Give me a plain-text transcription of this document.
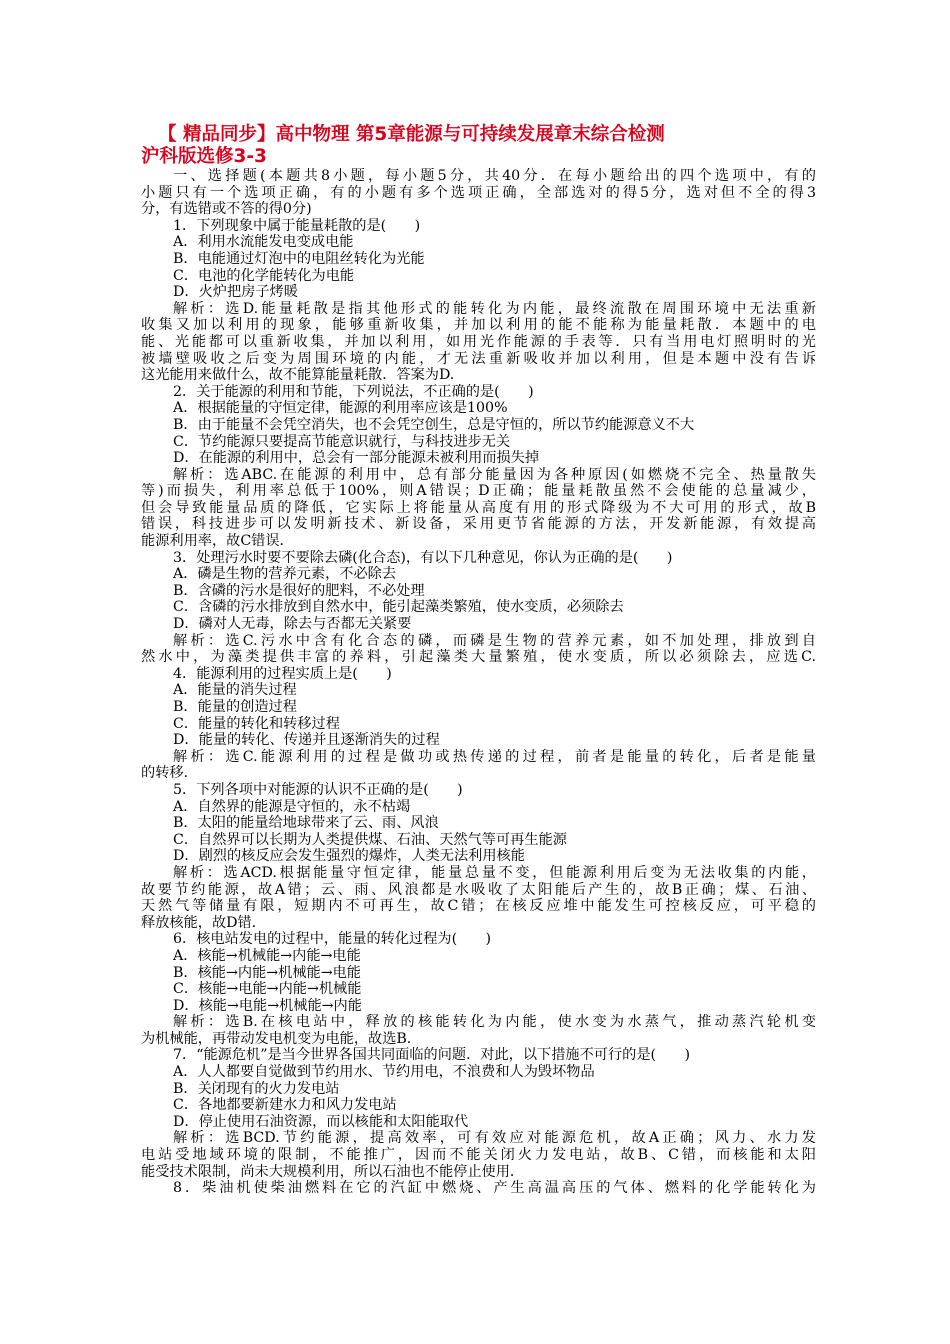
【 精品同步】高中物理 第5章能源与可持续发展章末综合检测
沪科版选修3-3
一、选择题(本题共8小题，每小题5分，共40分．在每小题给出的四个选项中，有的
小题只有一个选项正确，有的小题有多个选项正确，全部选对的得5分，选对但不全的得3
分，有选错或不答的得0分)
1．下列现象中属于能量耗散的是(　　)
A．利用水流能发电变成电能
B．电能通过灯泡中的电阻丝转化为光能
C．电池的化学能转化为电能
D．火炉把房子烤暖
解析：选D.能量耗散是指其他形式的能转化为内能，最终流散在周围环境中无法重新
收集又加以利用的现象，能够重新收集，并加以利用的能不能称为能量耗散．本题中的电
能、光能都可以重新收集，并加以利用，如用光作能源的手表等．只有当用电灯照明时的光
被墙壁吸收之后变为周围环境的内能，才无法重新吸收并加以利用，但是本题中没有告诉
这光能用来做什么，故不能算能量耗散．答案为D.
2．关于能源的利用和节能，下列说法，不正确的是(　　)
A．根据能量的守恒定律，能源的利用率应该是100%
B．由于能量不会凭空消失，也不会凭空创生，总是守恒的，所以节约能源意义不大
C．节约能源只要提高节能意识就行，与科技进步无关
D．在能源的利用中，总会有一部分能源未被利用而损失掉
解析：选ABC.在能源的利用中，总有部分能量因为各种原因(如燃烧不完全、热量散失
等)而损失，利用率总低于100%，则A错误；D正确；能量耗散虽然不会使能的总量减少，
但会导致能量品质的降低，它实际上将能量从高度有用的形式降级为不大可用的形式，故B
错误，科技进步可以发明新技术、新设备，采用更节省能源的方法，开发新能源，有效提高
能源利用率，故C错误．
3．处理污水时要不要除去磷(化合态)，有以下几种意见，你认为正确的是(　　)
A．磷是生物的营养元素，不必除去
B．含磷的污水是很好的肥料，不必处理
C．含磷的污水排放到自然水中，能引起藻类繁殖，使水变质，必须除去
D．磷对人无毒，除去与否都无关紧要
解析：选C.污水中含有化合态的磷，而磷是生物的营养元素，如不加处理，排放到自
然水中，为藻类提供丰富的养料，引起藻类大量繁殖，使水变质，所以必须除去，应选C.
4．能源利用的过程实质上是(　　)
A．能量的消失过程
B．能量的创造过程
C．能量的转化和转移过程
D．能量的转化、传递并且逐渐消失的过程
解析：选C.能源利用的过程是做功或热传递的过程，前者是能量的转化，后者是能量
的转移．
5．下列各项中对能源的认识不正确的是(　　)
A．自然界的能源是守恒的，永不枯竭
B．太阳的能量给地球带来了云、雨、风浪
C．自然界可以长期为人类提供煤、石油、天然气等可再生能源
D．剧烈的核反应会发生强烈的爆炸，人类无法利用核能
解析：选ACD.根据能量守恒定律，能量总量不变，但能源利用后变为无法收集的内能，
故要节约能源，故A错；云、雨、风浪都是水吸收了太阳能后产生的，故B正确；煤、石油、
天然气等储量有限，短期内不可再生，故C错；在核反应堆中能发生可控核反应，可平稳的
释放核能，故D错．
6．核电站发电的过程中，能量的转化过程为(　　)
A．核能→机械能→内能→电能
B．核能→内能→机械能→电能
C．核能→电能→内能→机械能
D．核能→电能→机械能→内能
解析：选B.在核电站中，释放的核能转化为内能，使水变为水蒸气，推动蒸汽轮机变
为机械能，再带动发电机变为电能，故选B.
7．“能源危机”是当今世界各国共同面临的问题．对此，以下措施不可行的是(　　)
A．人人都要自觉做到节约用水、节约用电，不浪费和人为毁坏物品
B．关闭现有的火力发电站
C．各地都要新建水力和风力发电站
D．停止使用石油资源，而以核能和太阳能取代
解析：选BCD.节约能源，提高效率，可有效应对能源危机，故A正确；风力、水力发
电站受地域环境的限制，不能推广，因而不能关闭火力发电站，故B、C错，而核能和太阳
能受技术限制，尚未大规模利用，所以石油也不能停止使用．
8．柴油机使柴油燃料在它的汽缸中燃烧、产生高温高压的气体、燃料的化学能转化为
